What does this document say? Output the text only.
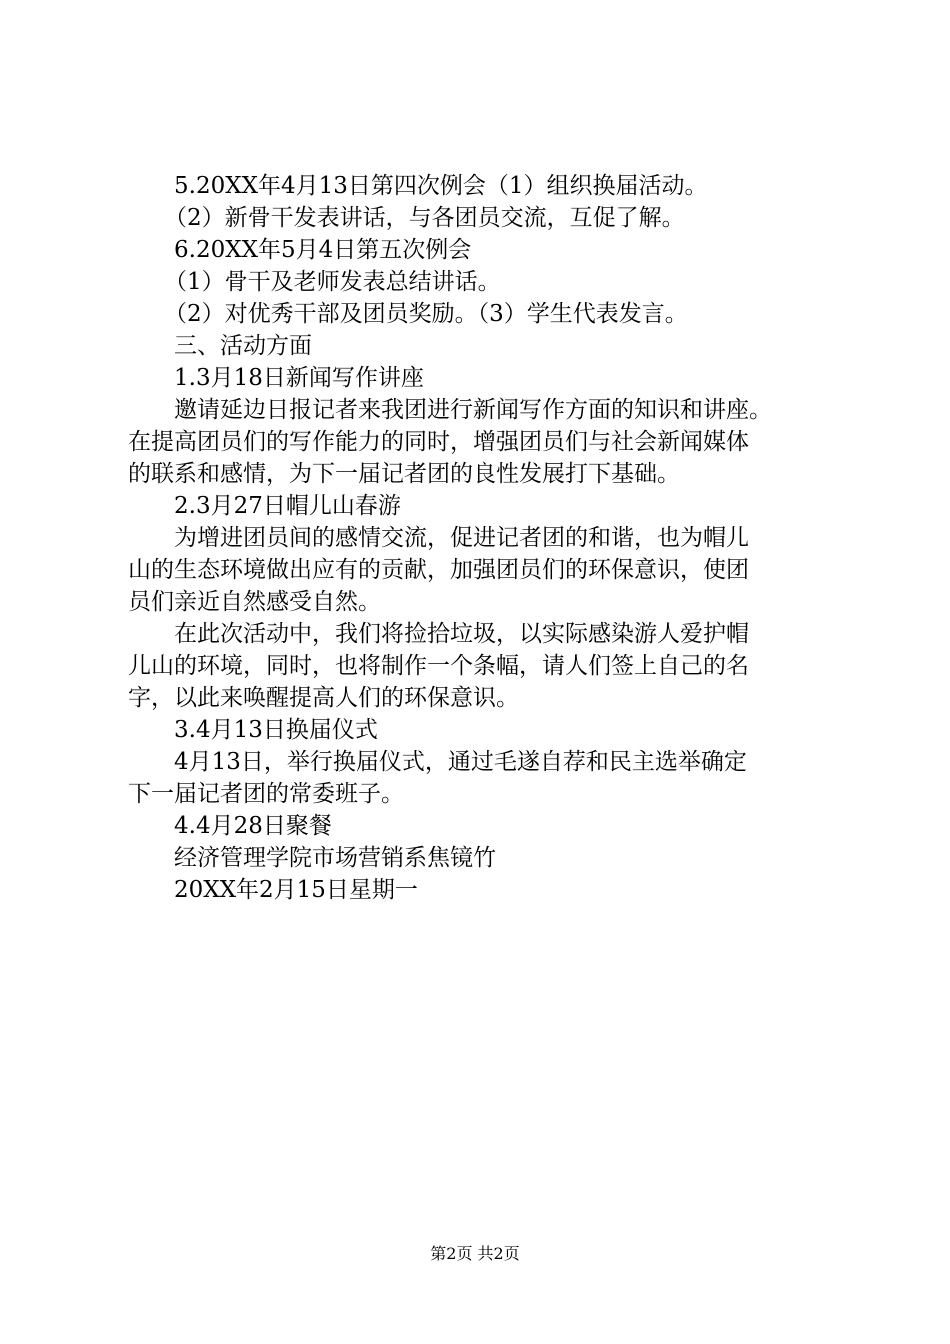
5.20XX年4月13日第四次例会（1）组织换届活动。
（2）新骨干发表讲话，与各团员交流，互促了解。
6.20XX年5月4日第五次例会
（1）骨干及老师发表总结讲话。
（2）对优秀干部及团员奖励。（3）学生代表发言。
三、活动方面
1.3月18日新闻写作讲座
邀请延边日报记者来我团进行新闻写作方面的知识和讲座。
在提高团员们的写作能力的同时，增强团员们与社会新闻媒体
的联系和感情，为下一届记者团的良性发展打下基础。
2.3月27日帽儿山春游
为增进团员间的感情交流，促进记者团的和谐，也为帽儿
山的生态环境做出应有的贡献，加强团员们的环保意识，使团
员们亲近自然感受自然。
在此次活动中，我们将捡拾垃圾，以实际感染游人爱护帽
儿山的环境，同时，也将制作一个条幅，请人们签上自己的名
字，以此来唤醒提高人们的环保意识。
3.4月13日换届仪式
4月13日，举行换届仪式，通过毛遂自荐和民主选举确定
下一届记者团的常委班子。
4.4月28日聚餐
经济管理学院市场营销系焦镜竹
20XX年2月15日星期一
第2页 共2页
